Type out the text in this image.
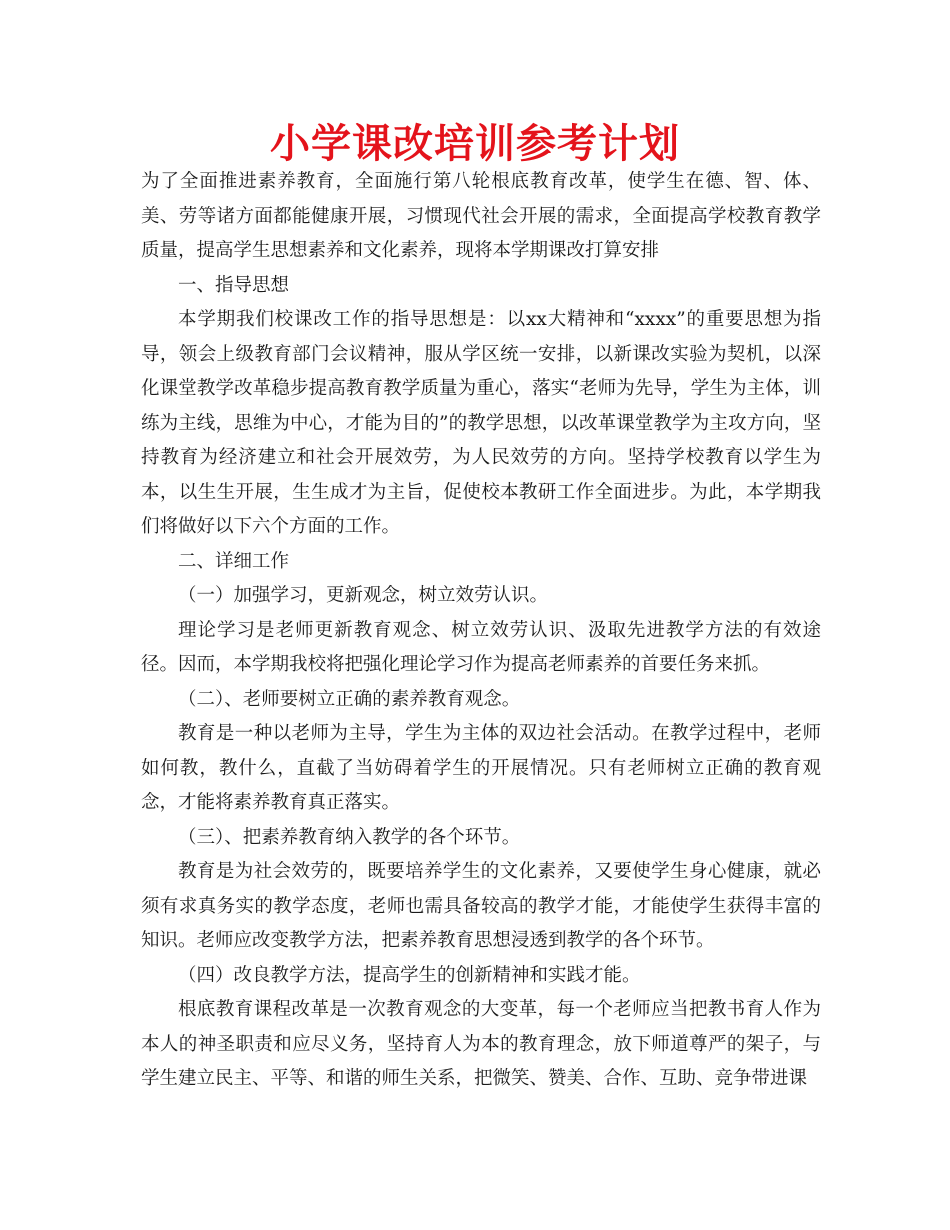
小学课改培训参考计划

为了全面推进素养教育，全面施行第八轮根底教育改革，使学生在德、智、体、美、劳等诸方面都能健康开展，习惯现代社会开展的需求，全面提高学校教育教学质量，提高学生思想素养和文化素养，现将本学期课改打算安排

一、指导思想

本学期我们校课改工作的指导思想是：以xx大精神和“xxxx”的重要思想为指导，领会上级教育部门会议精神，服从学区统一安排，以新课改实验为契机，以深化课堂教学改革稳步提高教育教学质量为重心，落实“老师为先导，学生为主体，训练为主线，思维为中心，才能为目的”的教学思想，以改革课堂教学为主攻方向，坚持教育为经济建立和社会开展效劳，为人民效劳的方向。坚持学校教育以学生为本，以生生开展，生生成才为主旨，促使校本教研工作全面进步。为此，本学期我们将做好以下六个方面的工作。

二、详细工作

（一）加强学习，更新观念，树立效劳认识。

理论学习是老师更新教育观念、树立效劳认识、汲取先进教学方法的有效途径。因而，本学期我校将把强化理论学习作为提高老师素养的首要任务来抓。

（二）、老师要树立正确的素养教育观念。

教育是一种以老师为主导，学生为主体的双边社会活动。在教学过程中，老师如何教，教什么，直截了当妨碍着学生的开展情况。只有老师树立正确的教育观念，才能将素养教育真正落实。

（三）、把素养教育纳入教学的各个环节。

教育是为社会效劳的，既要培养学生的文化素养，又要使学生身心健康，就必须有求真务实的教学态度，老师也需具备较高的教学才能，才能使学生获得丰富的知识。老师应改变教学方法，把素养教育思想浸透到教学的各个环节。

（四）改良教学方法，提高学生的创新精神和实践才能。

根底教育课程改革是一次教育观念的大变革，每一个老师应当把教书育人作为本人的神圣职责和应尽义务，坚持育人为本的教育理念，放下师道尊严的架子，与学生建立民主、平等、和谐的师生关系，把微笑、赞美、合作、互助、竞争带进课
